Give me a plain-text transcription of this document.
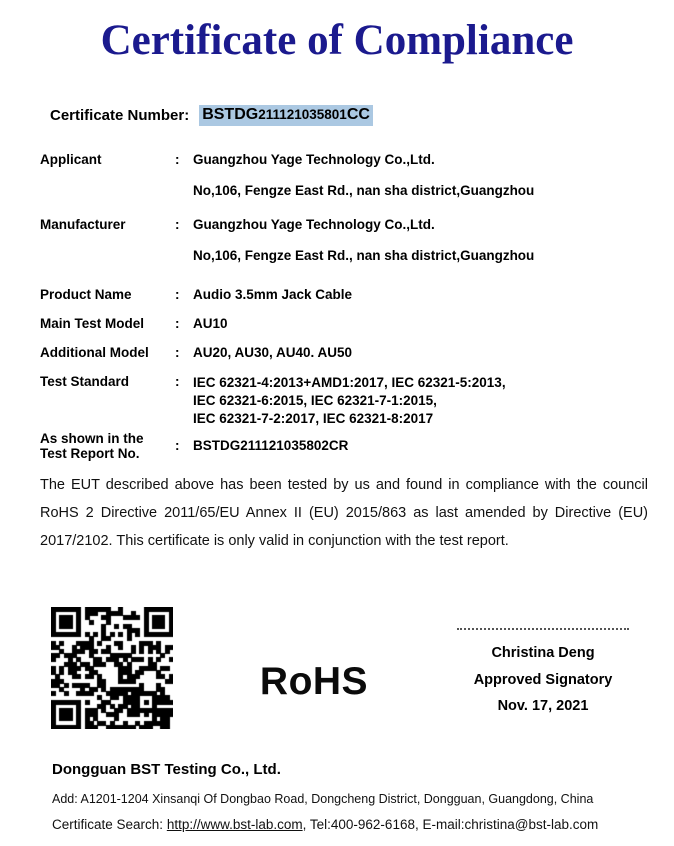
Certificate of Compliance
Certificate Number: BSTDG211121035801CC
Applicant	:	Guangzhou Yage Technology Co.,Ltd.
No,106, Fengze East Rd., nan sha district,Guangzhou
Manufacturer	:	Guangzhou Yage Technology Co.,Ltd.
No,106, Fengze East Rd., nan sha district,Guangzhou
Product Name	:	Audio 3.5mm Jack Cable
Main Test Model	:	AU10
Additional Model	:	AU20, AU30, AU40. AU50
Test Standard	:	IEC 62321-4:2013+AMD1:2017, IEC 62321-5:2013,
IEC 62321-6:2015, IEC 62321-7-1:2015,
IEC 62321-7-2:2017, IEC 62321-8:2017
As shown in the
Test Report No.
:	BSTDG211121035802CR

The EUT described above has been tested by us and found in compliance with the council RoHS 2 Directive 2011/65/EU Annex II (EU) 2015/863 as last amended by Directive (EU) 2017/2102. This certificate is only valid in conjunction with the test report.

RoHS
Christina Deng
Approved Signatory
Nov. 17, 2021
Dongguan BST Testing Co., Ltd.
Add: A1201-1204 Xinsanqi Of Dongbao Road, Dongcheng District, Dongguan, Guangdong, China
Certificate Search: http://www.bst-lab.com, Tel:400-962-6168, E-mail:christina@bst-lab.com
